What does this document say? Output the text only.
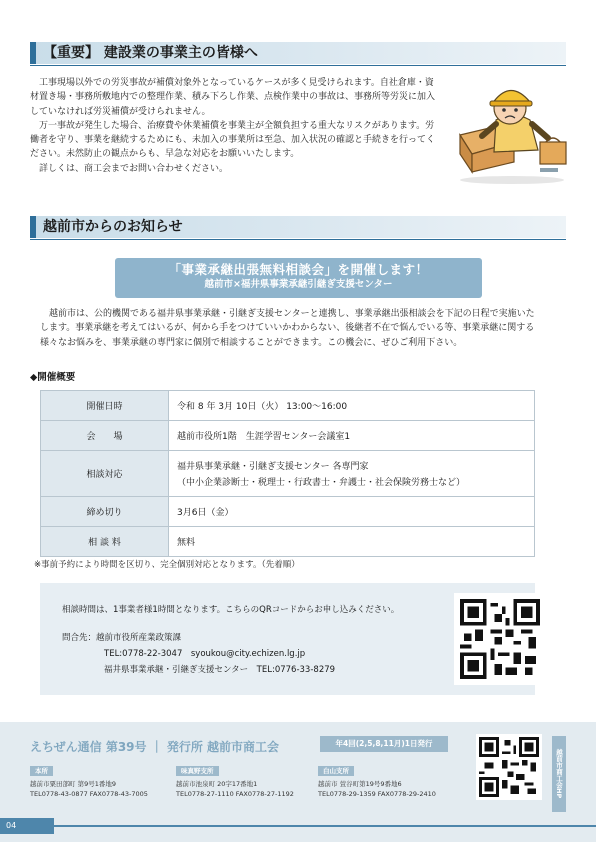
【重要】 建設業の事業主の皆様へ

工事現場以外での労災事故が補償対象外となっているケースが多く見受けられます。自社倉庫・資材置き場・事務所敷地内での整理作業、積み下ろし作業、点検作業中の事故は、事務所等労災に加入していなければ労災補償が受けられません。

万一事故が発生した場合、治療費や休業補償を事業主が全額負担する重大なリスクがあります。労働者を守り、事業を継続するためにも、未加入の事業所は至急、加入状況の確認と手続きを行ってください。未然防止の観点からも、早急な対応をお願いいたします。

詳しくは、商工会までお問い合わせください。

越前市からのお知らせ
「事業承継出張無料相談会」を開催します！
越前市×福井県事業承継引継ぎ支援センター

越前市は、公的機関である福井県事業承継・引継ぎ支援センターと連携し、事業承継出張相談会を下記の日程で実施いたします。事業承継を考えてはいるが、何から手をつけていいかわからない、後継者不在で悩んでいる等、事業承継に関する様々なお悩みを、事業承継の専門家に個別で相談することができます。この機会に、ぜひご利用下さい。

◆開催概要
開催日時	令和 8 年 3月 10日（火） 13:00～16:00
会　　場	越前市役所1階　生涯学習センター会議室1
相談対応	福井県事業承継・引継ぎ支援センター 各専門家
（中小企業診断士・税理士・行政書士・弁護士・社会保険労務士など）

締め切り	3月6日（金）
相 談 料	無料
※事前予約により時間を区切り、完全個別対応となります。（先着順）
相談時間は、1事業者様1時間となります。こちらのQRコードからお申し込みください。
問合先：越前市役所産業政策課
TEL:0778-22-3047　syoukou@city.echizen.lg.jp
福井県事業承継・引継ぎ支援センター　TEL:0776-33-8279
えちぜん通信 第39号 ｜ 発行所 越前市商工会	年4回(2,5,8,11月)1日発行
本所
越前市粟田部町 第9号1番地9
TEL0778-43-0877 FAX0778-43-7005
味真野支所
越前市池泉町 20字17番地1
TEL0778-27-1110 FAX0778-27-1192
白山支所
越前市 萱谷町第19号9番地6
TEL0778-29-1359 FAX0778-29-2410	越前市商工会HP
04
